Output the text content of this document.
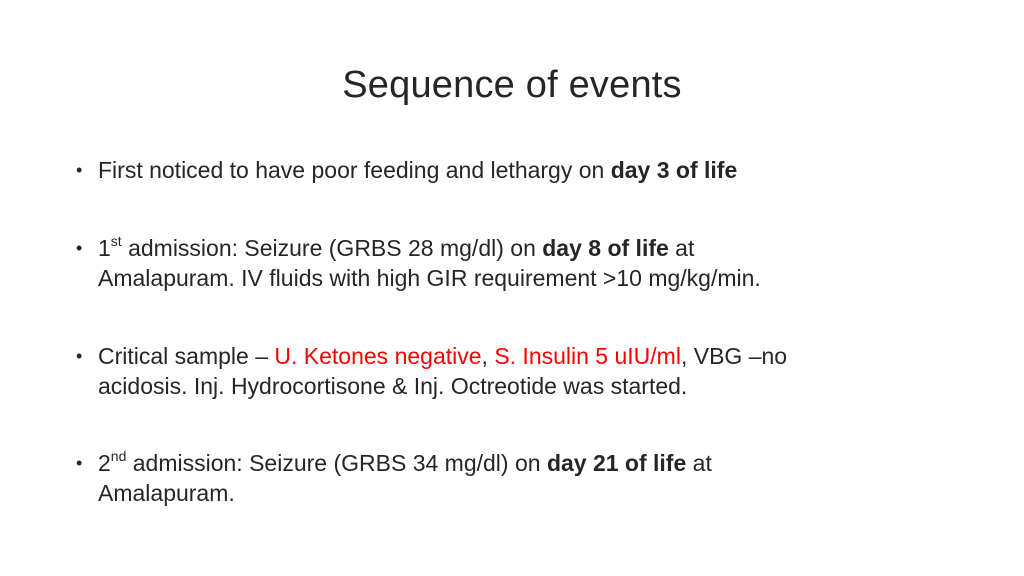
Sequence of events
• First noticed to have poor feeding and lethargy on day 3 of life
• 1st admission: Seizure (GRBS 28 mg/dl) on day 8 of life at
Amalapuram. IV fluids with high GIR requirement >10 mg/kg/min.
• Critical sample – U. Ketones negative, S. Insulin 5 uIU/ml, VBG –no
acidosis. Inj. Hydrocortisone & Inj. Octreotide was started.
• 2nd admission: Seizure (GRBS 34 mg/dl) on day 21 of life at
Amalapuram.
